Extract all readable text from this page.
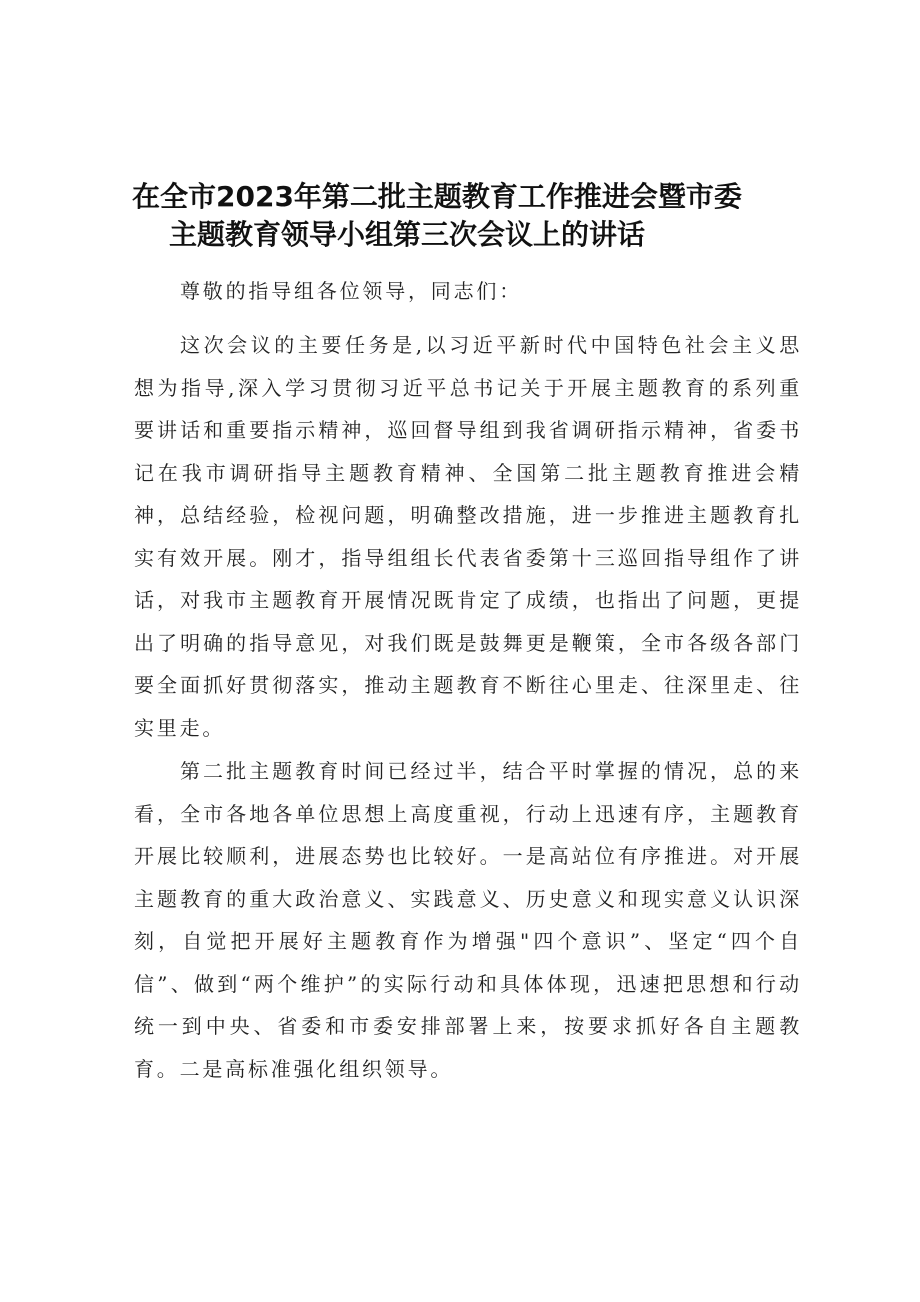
在全市2023年第二批主题教育工作推进会暨市委
主题教育领导小组第三次会议上的讲话

尊敬的指导组各位领导，同志们：

这次会议的主要任务是,以习近平新时代中国特色社会主义思想为指导,深入学习贯彻习近平总书记关于开展主题教育的系列重要讲话和重要指示精神，巡回督导组到我省调研指示精神，省委书记在我市调研指导主题教育精神、全国第二批主题教育推进会精神，总结经验，检视问题，明确整改措施，进一步推进主题教育扎实有效开展。刚才，指导组组长代表省委第十三巡回指导组作了讲话，对我市主题教育开展情况既肯定了成绩，也指出了问题，更提出了明确的指导意见，对我们既是鼓舞更是鞭策，全市各级各部门要全面抓好贯彻落实，推动主题教育不断往心里走、往深里走、往实里走。

第二批主题教育时间已经过半，结合平时掌握的情况，总的来看，全市各地各单位思想上高度重视，行动上迅速有序，主题教育开展比较顺利，进展态势也比较好。一是高站位有序推进。对开展主题教育的重大政治意义、实践意义、历史意义和现实意义认识深刻，自觉把开展好主题教育作为增强"四个意识”、坚定“四个自信”、做到“两个维护”的实际行动和具体体现，迅速把思想和行动统一到中央、省委和市委安排部署上来，按要求抓好各自主题教育。二是高标准强化组织领导。
